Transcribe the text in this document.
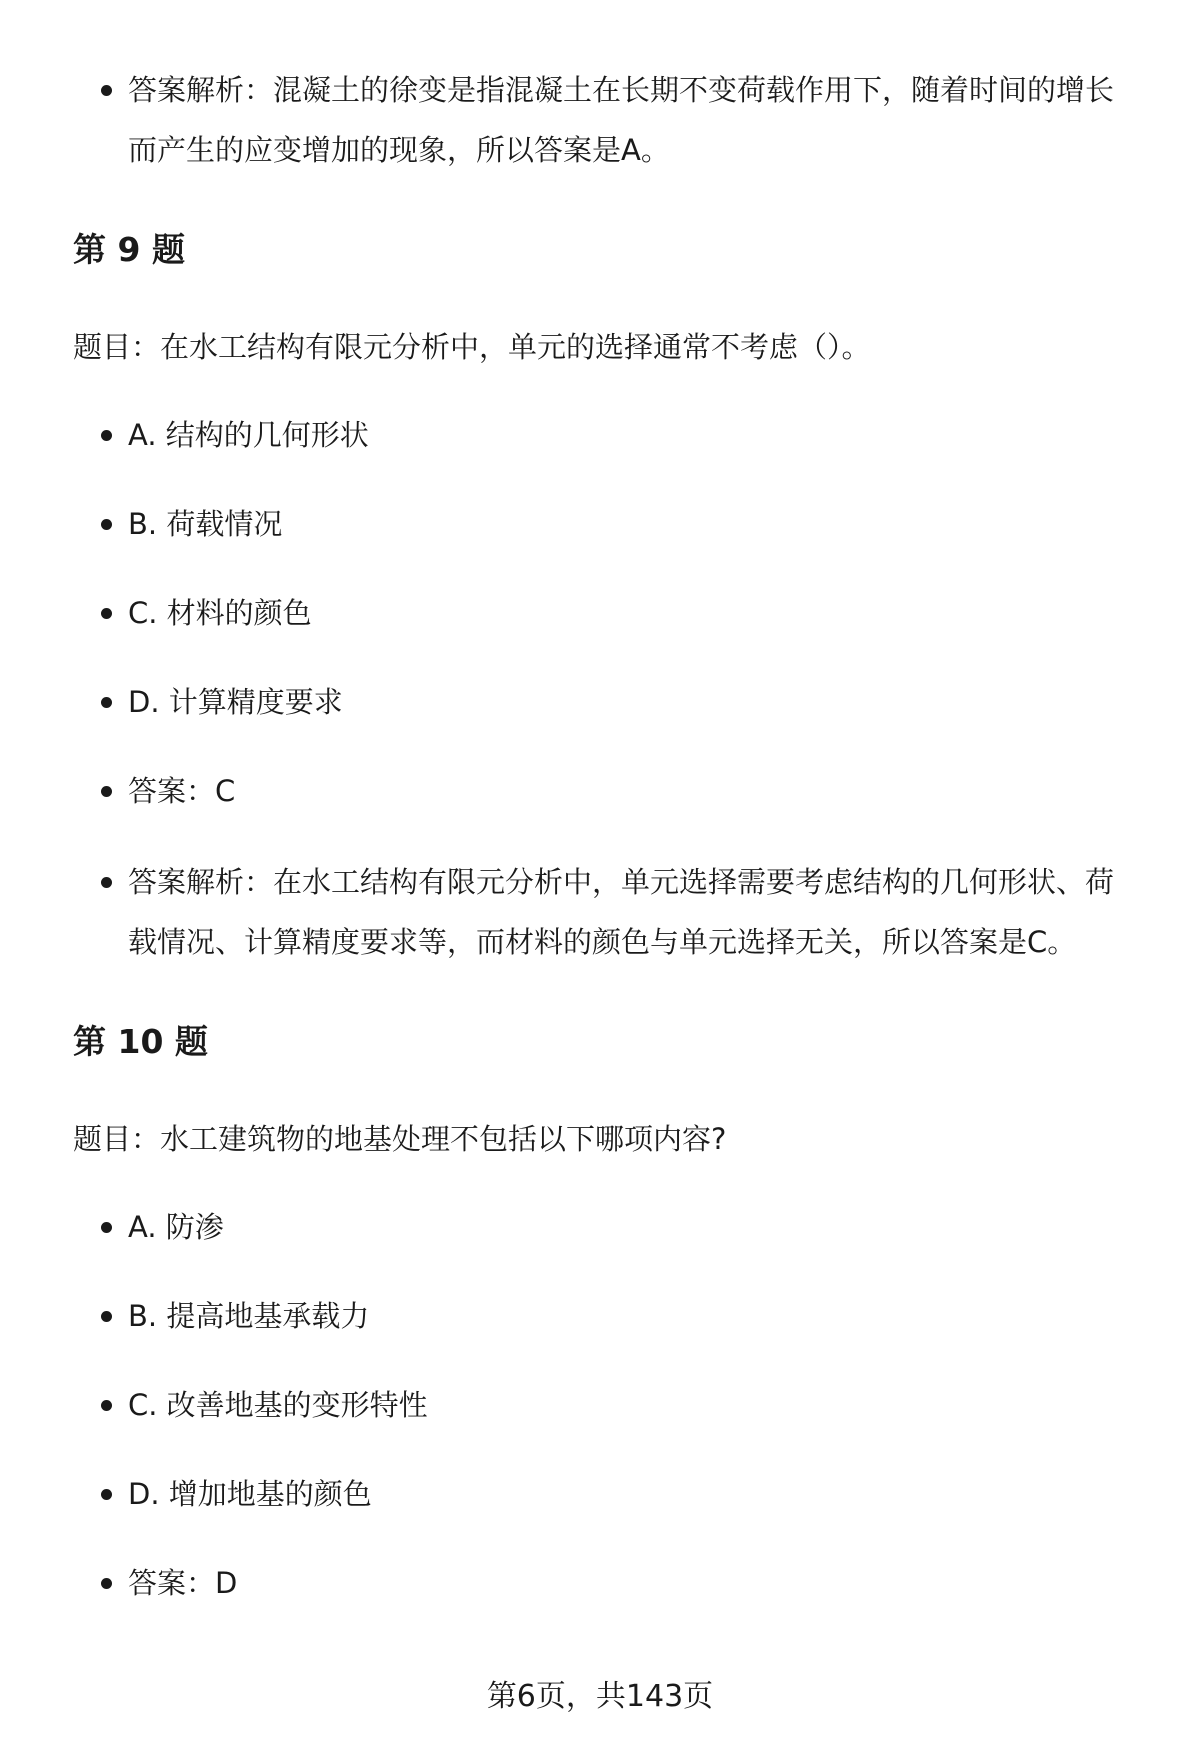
答案解析：混凝土的徐变是指混凝土在长期不变荷载作用下，随着时间的增长而产生的应变增加的现象，所以答案是A。
第 9 题
题目：在水工结构有限元分析中，单元的选择通常不考虑（）。
A. 结构的几何形状
B. 荷载情况
C. 材料的颜色
D. 计算精度要求
答案：C
答案解析：在水工结构有限元分析中，单元选择需要考虑结构的几何形状、荷载情况、计算精度要求等，而材料的颜色与单元选择无关，所以答案是C。
第 10 题
题目：水工建筑物的地基处理不包括以下哪项内容?
A. 防渗
B. 提高地基承载力
C. 改善地基的变形特性
D. 增加地基的颜色
答案：D
第6页，共143页
